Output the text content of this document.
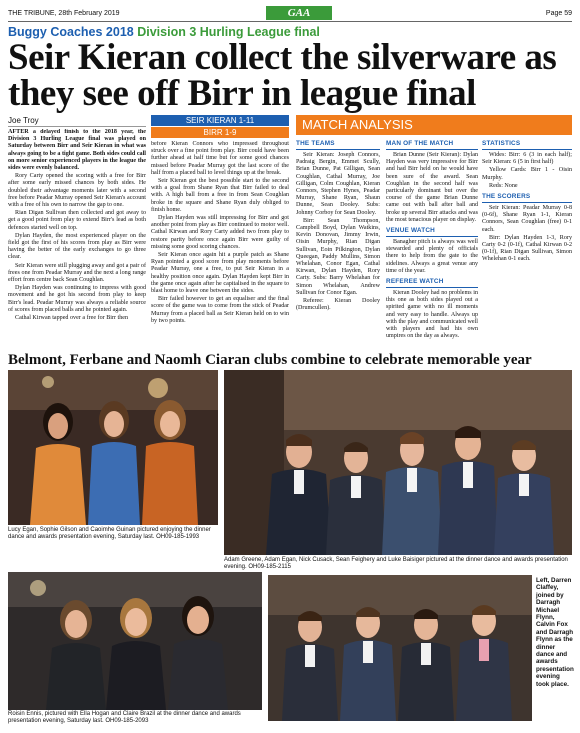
THE TRIBUNE, 28th February 2019	GAA	Page 59
Buggy Coaches 2018 Division 3 Hurling League final
Seir Kieran collect the silverware as they see off Birr in league final
Joe Troy	SEIR KIERAN 1-11
BIRR 1-9
MATCH ANALYSIS

AFTER a delayed finish to the 2018 year, the Division 3 Hurling League final was played on Saturday between Birr and Seir Kieran in what was always going to be a tight game. Both sides could call on more senior experienced players in the league the sides were evenly balanced.

Rory Carty opened the scoring with a free for Birr after some early missed chances by both sides. He doubled their advantage moments later with a second free before Peadar Murray opened Seir Kieran's account with a free of his own to narrow the gap to one.

Rian Digan Sullivan then collected and got away to get a good point from play to extend Birr's lead as both defences started well on top.

Dylan Hayden, the most experienced player on the field got the first of his scores from play as Birr were having the better of the early exchanges to go three clear.

Seir Kieran were still plugging away and got a pair of frees one from Peadar Murray and the next a long range effort from centre back Sean Coughlan.

Dylan Hayden was continuing to impress with good movement and he got his second from play to keep Birr's lead. Peadar Murray was always a reliable source of scores from placed balls and he pointed again.

Cathal Kirwan tapped over a free for Birr then

before Kieran Connors who impressed throughout struck over a fine point from play. Birr could have been further ahead at half time but for some good chances missed before Peadar Murray got the last score of the half from a placed ball to level things up at the break.

Seir Kieran got the best possible start to the second with a goal from Shane Ryan that Birr failed to deal with. A high ball from a free in from Sean Coughlan broke in the square and Shane Ryan duly obliged to finish home.

Dylan Hayden was still impressing for Birr and got another point from play as Birr continued to motor well. Cathal Kirwan and Rory Carty added two from play to restore parity before once again Birr were guilty of missing some good scoring chances.

Seir Kieran once again hit a purple patch as Shane Ryan pointed a good score from play moments before Peadar Murray, one a free, to put Seir Kieran in a healthy position once again. Dylan Hayden kept Birr in the game once again after he capitalised in the square to blast home to leave one between the sides.

Birr failed however to get an equaliser and the final score of the game was to come from the stick of Peadar Murray from a placed ball as Seir Kieran held on to win by two points.

THE TEAMS

Seir Kieran: Joseph Connors, Padraig Bergin, Emmet Scully, Brian Dunne, Pat Gilligan, Sean Coughlan, Cathal Murray, Joe Gilligan, Colm Coughlan, Kieran Connors, Stephen Hynes, Peadar Murray, Shane Ryan, Shaun Dunne, Sean Dooley. Subs: Johnny Corboy for Sean Dooley.

Birr: Sean Thompson, Campbell Boyd, Dylan Watkins, Kevin Donovan, Jimmy Irwin, Oisin Murphy, Rian Digan Sullivan, Eoin Pilkington, Dylan Queegan, Paddy Mullins, Simon Whelahan, Conor Egan, Cathal Kirwan, Dylan Hayden, Rory Carty. Subs: Barry Whelahan for Simon Whelahan, Andrew Sullivan for Conor Egan.

Referee: Kieran Dooley (Drumcullen).

MAN OF THE MATCH

Brian Dunne (Seir Kieran): Dylan Hayden was very impressive for Birr and had Birr held on he would have been sure of the award. Sean Coughlan in the second half was particularly dominant but over the course of the game Brian Dunne came out with ball after ball and broke up several Birr attacks and was the most tenacious player on display.

VENUE WATCH

Banagher pitch is always was well stewarded and plenty of officials there to help from the gate to the sidelines. Always a great venue any time of the year.

REFEREE WATCH

Kieran Dooley had no problems in this one as both sides played out a spirited game with no ill moments and very easy to handle. Always up with the play and communicated well with players and had his own umpires on the day as always.

STATISTICS

Wides: Birr: 6 (3 in each half); Seir Kieran: 6 (5 in first half)

Yellow Cards: Birr 1 - Oisin Murphy.

Reds: None

THE SCORERS

Seir Kieran: Peadar Murray 0-8 (0-6f), Shane Ryan 1-1, Kieran Connors, Sean Coughlan (free) 0-1 each.

Birr: Dylan Hayden 1-3, Rory Carty 0-2 (0-1f), Cathal Kirwan 0-2 (0-1f), Rian Digan Sullivan, Simon Whelehan 0-1 each.

Belmont, Ferbane and Naomh Ciaran clubs combine to celebrate memorable year
Lucy Egan, Sophie Gilson and Caoimhe Guinan pictured enjoying the dinner dance and awards presentation evening, Saturday last. OH09-185-1993
Adam Greene, Adam Egan, Nick Cusack, Sean Feighery and Luke Baisiger pictured at the dinner dance and awards presentation evening. OH09-185-2115
Roisin Ennis, pictured with Ella Hogan and Claire Brazil at the dinner dance and awards presentation evening, Saturday last. OH09-185-2093
Left, Darren Claffey, joined by Darragh Michael Flynn, Calvin Fox and Darragh Flynn as the dinner dance and awards presentation evening took place.
